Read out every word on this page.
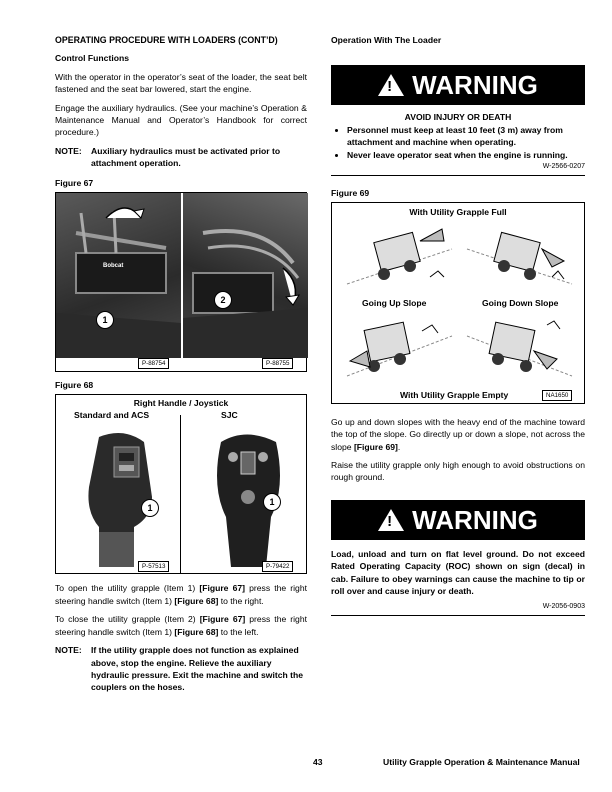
OPERATING PROCEDURE WITH LOADERS (CONT’D)

Control Functions

With the operator in the operator’s seat of the loader, the seat belt fastened and the seat bar lowered, start the engine.

Engage the auxiliary hydraulics. (See your machine’s Operation & Maintenance Manual and Operator’s Handbook for correct procedure.)

NOTE:	Auxiliary hydraulics must be activated prior to attachment operation.

Figure 67

Bobcat
1
2
P-88754	P-88755

Figure 68

Right Handle / Joystick
Standard and ACS	SJC
1
1
P-57513	P-79422

To open the utility grapple (Item 1) [Figure 67] press the right steering handle switch (Item 1) [Figure 68] to the right.

To close the utility grapple (Item 2) [Figure 67] press the right steering handle switch (Item 1) [Figure 68] to the left.

NOTE:	If the utility grapple does not function as explained above, stop the engine. Relieve the auxiliary hydraulic pressure. Exit the machine and switch the couplers on the hoses.

Operation With The Loader

! WARNING

AVOID INJURY OR DEATH

• Personnel must keep at least 10 feet (3 m) away from attachment and machine when operating.
• Never leave operator seat when the engine is running.
W-2566-0207

Figure 69

With Utility Grapple Full
Going Up Slope	Going Down Slope
With Utility Grapple Empty	NA1650

Go up and down slopes with the heavy end of the machine toward the top of the slope. Go directly up or down a slope, not across the slope [Figure 69].

Raise the utility grapple only high enough to avoid obstructions on rough ground.

! WARNING

Load, unload and turn on flat level ground. Do not exceed Rated Operating Capacity (ROC) shown on sign (decal) in cab. Failure to obey warnings can cause the machine to tip or roll over and cause injury or death.

W-2056-0903
43	Utility Grapple Operation & Maintenance Manual
